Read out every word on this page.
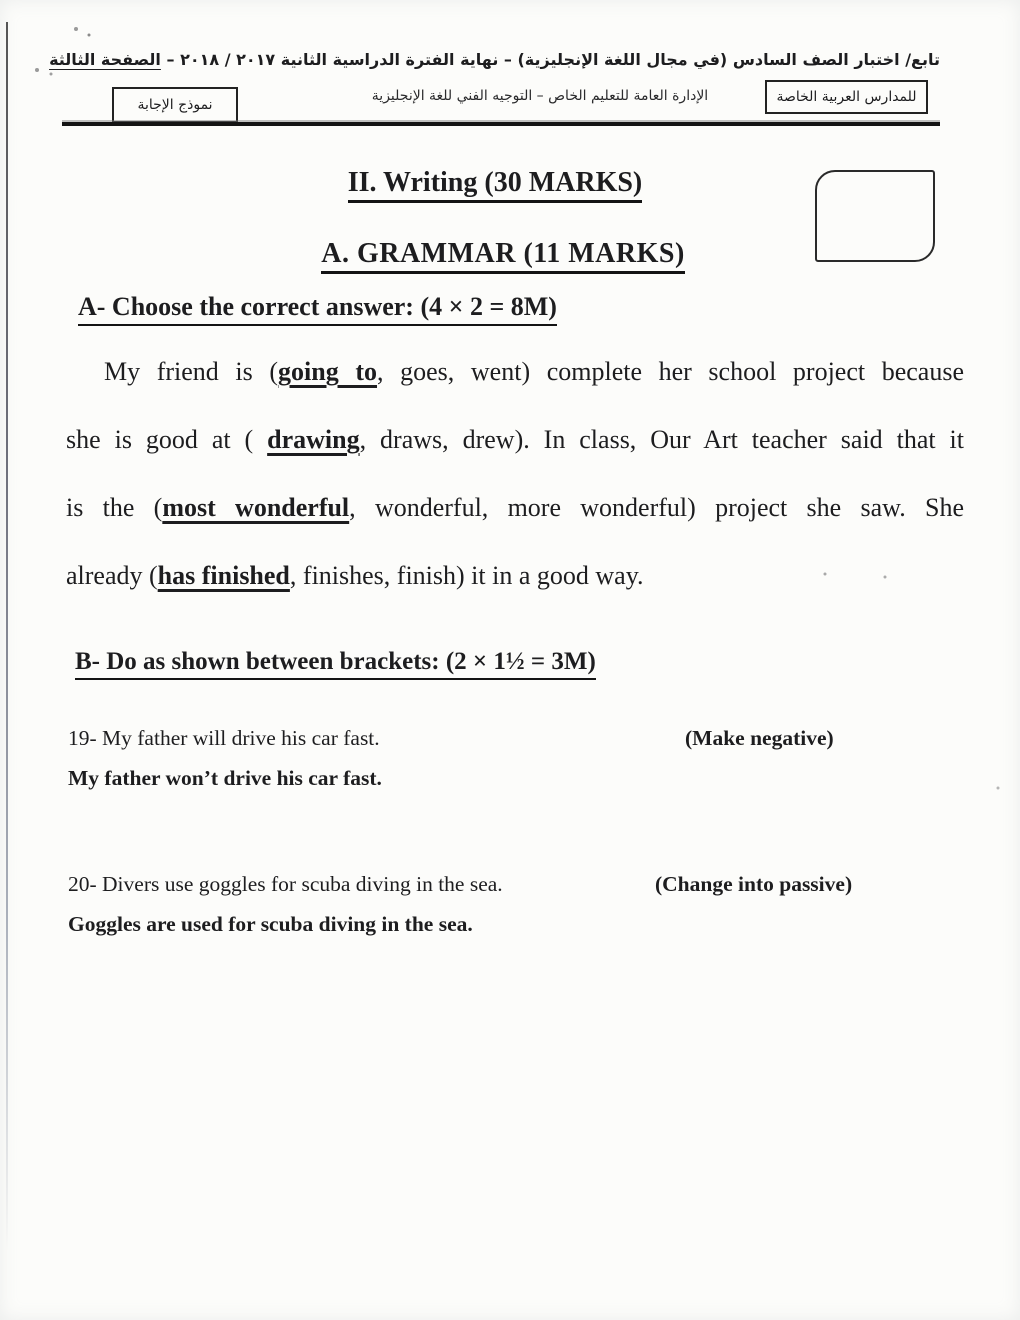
تابع/ اختبار الصف السادس (في مجال اللغة الإنجليزية) – نهاية الفترة الدراسية الثانية ٢٠١٧ / ٢٠١٨ – الصفحة الثالثة
الإدارة العامة للتعليم الخاص – التوجيه الفني للغة الإنجليزية	للمدارس العربية الخاصة
نموذج الإجابة
II. Writing (30 MARKS)
A. GRAMMAR (11 MARKS)
A- Choose the correct answer: (4 × 2 = 8M)
My friend is (going to, goes, went) complete her school project because
she is good at ( drawing, draws, drew). In class, Our Art teacher said that it
is the (most wonderful, wonderful, more wonderful) project she saw. She
already (has finished, finishes, finish) it in a good way.
B- Do as shown between brackets: (2 × 1½ = 3M)
19- My father will drive his car fast.	(Make negative)
My father won’t drive his car fast.
20- Divers use goggles for scuba diving in the sea.	(Change into passive)
Goggles are used for scuba diving in the sea.
